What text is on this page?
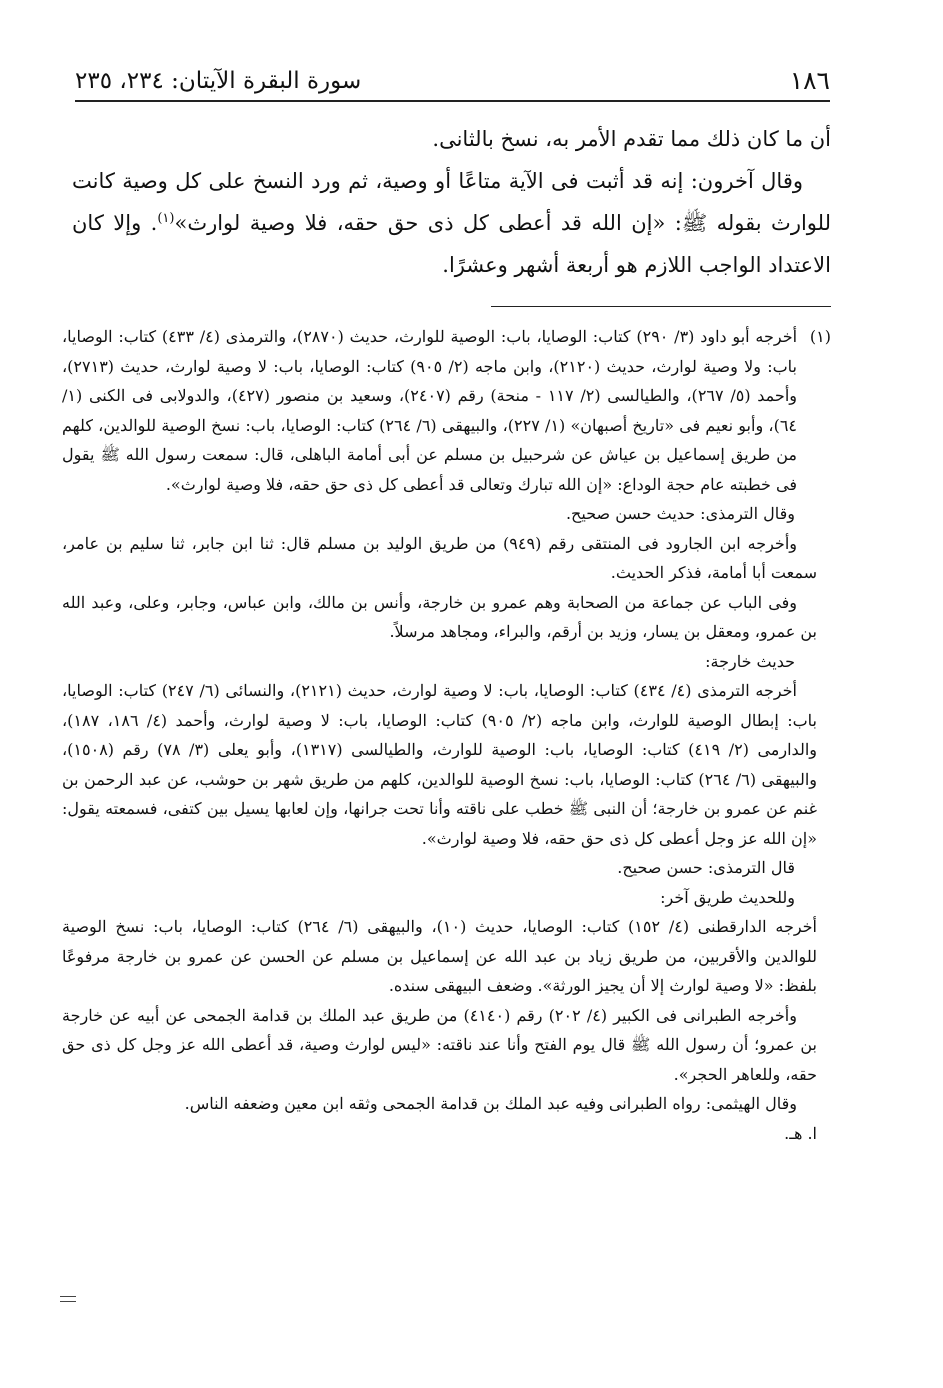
١٨٦
سورة البقرة الآيتان: ٢٣٤، ٢٣٥

أن ما كان ذلك مما تقدم الأمر به، نسخ بالثانى.

وقال آخرون: إنه قد أثبت فى الآية متاعًا أو وصية، ثم ورد النسخ على كل وصية كانت للوارث بقوله ﷺ: «إن الله قد أعطى كل ذى حق حقه، فلا وصية لوارث»$^{(١)}$. وإلا كان الاعتداد الواجب اللازم هو أربعة أشهر وعشرًا.

(١)
أخرجه أبو داود (٣/ ٢٩٠) كتاب: الوصايا، باب: الوصية للوارث، حديث (٢٨٧٠)، والترمذى (٤/ ٤٣٣) كتاب: الوصايا، باب: ولا وصية لوارث، حديث (٢١٢٠)، وابن ماجه (٢/ ٩٠٥) كتاب: الوصايا، باب: لا وصية لوارث، حديث (٢٧١٣)، وأحمد (٥/ ٢٦٧)، والطيالسى (٢/ ١١٧ - منحة) رقم (٢٤٠٧)، وسعيد بن منصور (٤٢٧)، والدولابى فى الكنى (١/ ٦٤)، وأبو نعيم فى «تاريخ أصبهان» (١/ ٢٢٧)، والبيهقى (٦/ ٢٦٤) كتاب: الوصايا، باب: نسخ الوصية للوالدين، كلهم من طريق إسماعيل بن عياش عن شرحبيل بن مسلم عن أبى أمامة الباهلى، قال: سمعت رسول الله ﷺ يقول فى خطبته عام حجة الوداع: «إن الله تبارك وتعالى قد أعطى كل ذى حق حقه، فلا وصية لوارث».

وقال الترمذى: حديث حسن صحيح.

وأخرجه ابن الجارود فى المنتقى رقم (٩٤٩) من طريق الوليد بن مسلم قال: ثنا ابن جابر، ثنا سليم بن عامر، سمعت أبا أمامة، فذكر الحديث.

وفى الباب عن جماعة من الصحابة وهم عمرو بن خارجة، وأنس بن مالك، وابن عباس، وجابر، وعلى، وعبد الله بن عمرو، ومعقل بن يسار، وزيد بن أرقم، والبراء، ومجاهد مرسلاً.

حديث خارجة:

أخرجه الترمذى (٤/ ٤٣٤) كتاب: الوصايا، باب: لا وصية لوارث، حديث (٢١٢١)، والنسائى (٦/ ٢٤٧) كتاب: الوصايا، باب: إبطال الوصية للوارث، وابن ماجه (٢/ ٩٠٥) كتاب: الوصايا، باب: لا وصية لوارث، وأحمد (٤/ ١٨٦، ١٨٧)، والدارمى (٢/ ٤١٩) كتاب: الوصايا، باب: الوصية للوارث، والطيالسى (١٣١٧)، وأبو يعلى (٣/ ٧٨) رقم (١٥٠٨)، والبيهقى (٦/ ٢٦٤) كتاب: الوصايا، باب: نسخ الوصية للوالدين، كلهم من طريق شهر بن حوشب، عن عبد الرحمن بن غنم عن عمرو بن خارجة؛ أن النبى ﷺ خطب على ناقته وأنا تحت جرانها، وإن لعابها يسيل بين كتفى، فسمعته يقول: «إن الله عز وجل أعطى كل ذى حق حقه، فلا وصية لوارث».

قال الترمذى: حسن صحيح.

وللحديث طريق آخر:

أخرجه الدارقطنى (٤/ ١٥٢) كتاب: الوصايا، حديث (١٠)، والبيهقى (٦/ ٢٦٤) كتاب: الوصايا، باب: نسخ الوصية للوالدين والأقربين، من طريق زياد بن عبد الله عن إسماعيل بن مسلم عن الحسن عن عمرو بن خارجة مرفوعًا بلفظ: «لا وصية لوارث إلا أن يجيز الورثة». وضعف البيهقى سنده.

وأخرجه الطبرانى فى الكبير (٤/ ٢٠٢) رقم (٤١٤٠) من طريق عبد الملك بن قدامة الجمحى عن أبيه عن خارجة بن عمرو؛ أن رسول الله ﷺ قال يوم الفتح وأنا عند ناقته: «ليس لوارث وصية، قد أعطى الله عز وجل كل ذى حق حقه، وللعاهر الحجر».

وقال الهيثمى: رواه الطبرانى وفيه عبد الملك بن قدامة الجمحى وثقه ابن معين وضعفه الناس.

ا. هـ.
